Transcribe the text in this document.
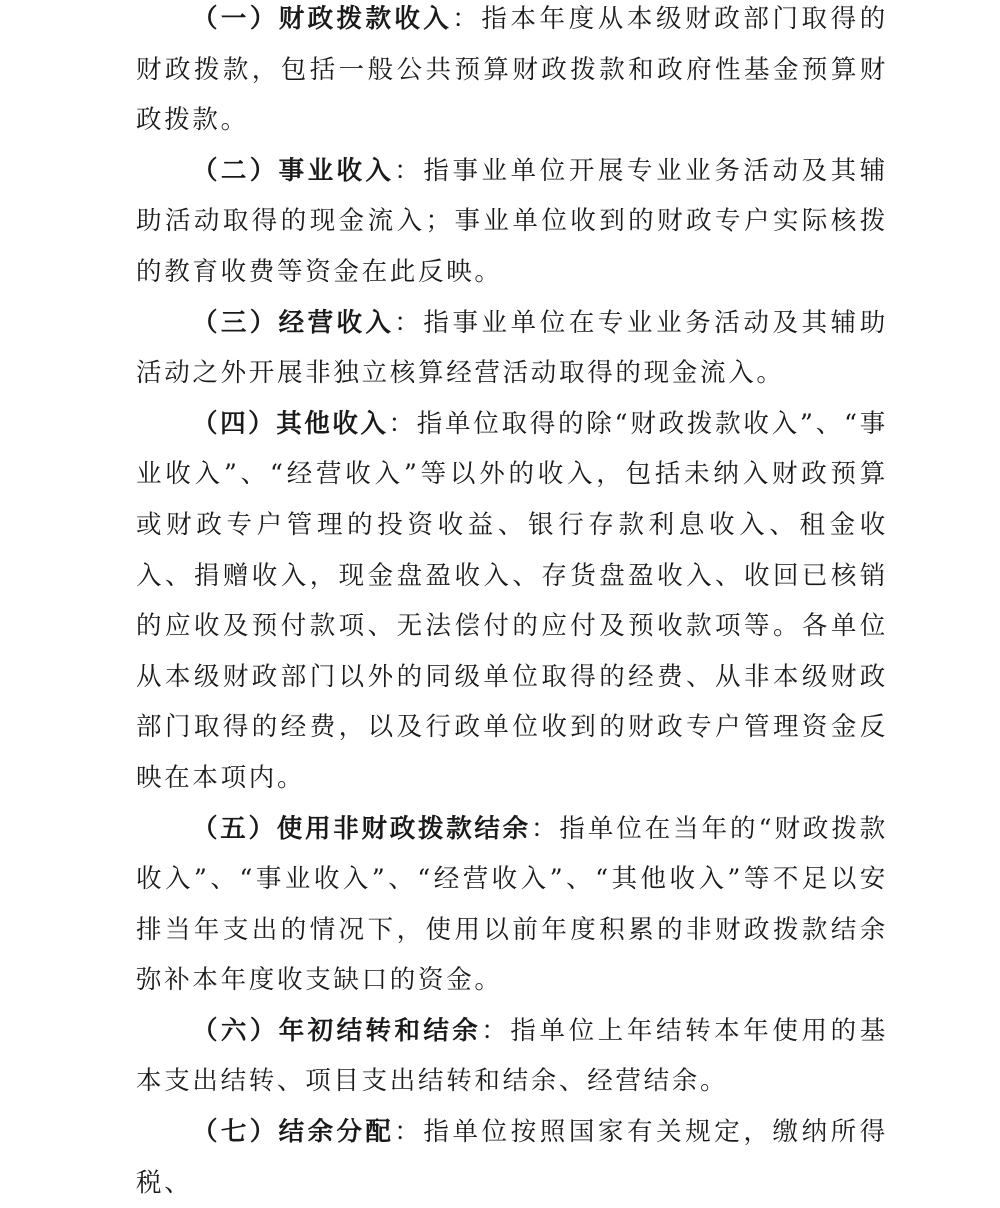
（一）财政拨款收入：指本年度从本级财政部门取得的财政拨款，包括一般公共预算财政拨款和政府性基金预算财政拨款。

（二）事业收入：指事业单位开展专业业务活动及其辅助活动取得的现金流入；事业单位收到的财政专户实际核拨的教育收费等资金在此反映。

（三）经营收入：指事业单位在专业业务活动及其辅助活动之外开展非独立核算经营活动取得的现金流入。

（四）其他收入：指单位取得的除“财政拨款收入”、“事业收入”、“经营收入”等以外的收入，包括未纳入财政预算或财政专户管理的投资收益、银行存款利息收入、租金收入、捐赠收入，现金盘盈收入、存货盘盈收入、收回已核销的应收及预付款项、无法偿付的应付及预收款项等。各单位从本级财政部门以外的同级单位取得的经费、从非本级财政部门取得的经费，以及行政单位收到的财政专户管理资金反映在本项内。

（五）使用非财政拨款结余：指单位在当年的“财政拨款收入”、“事业收入”、“经营收入”、“其他收入”等不足以安排当年支出的情况下，使用以前年度积累的非财政拨款结余弥补本年度收支缺口的资金。

（六）年初结转和结余：指单位上年结转本年使用的基本支出结转、项目支出结转和结余、经营结余。

（七）结余分配：指单位按照国家有关规定，缴纳所得税、
